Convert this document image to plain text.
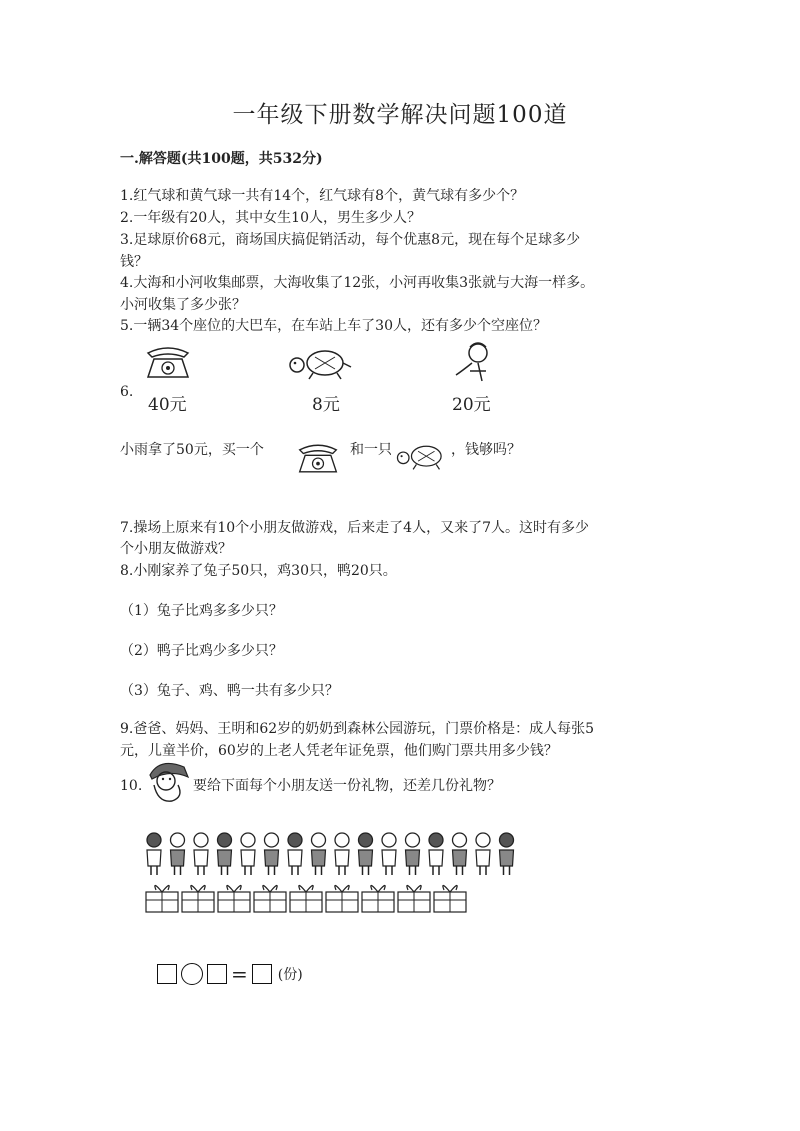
一年级下册数学解决问题100道
一.解答题(共100题，共532分)
1.红气球和黄气球一共有14个，红气球有8个，黄气球有多少个？
2.一年级有20人，其中女生10人，男生多少人？
3.足球原价68元，商场国庆搞促销活动，每个优惠8元，现在每个足球多少
钱？
4.大海和小河收集邮票，大海收集了12张，小河再收集3张就与大海一样多。
小河收集了多少张？
5.一辆34个座位的大巴车，在车站上车了30人，还有多少个空座位？
6.
40元	8元	20元
小雨拿了50元，买一个	和一只	，钱够吗？
7.操场上原来有10个小朋友做游戏，后来走了4人，又来了7人。这时有多少
个小朋友做游戏？
8.小刚家养了兔子50只，鸡30只，鸭20只。
（1）兔子比鸡多多少只？
（2）鸭子比鸡少多少只？
（3）兔子、鸡、鸭一共有多少只？
9.爸爸、妈妈、王明和62岁的奶奶到森林公园游玩，门票价格是：成人每张5
元，儿童半价，60岁的上老人凭老年证免票，他们购门票共用多少钱？
10.	要给下面每个小朋友送一份礼物，还差几份礼物？
= (份)
